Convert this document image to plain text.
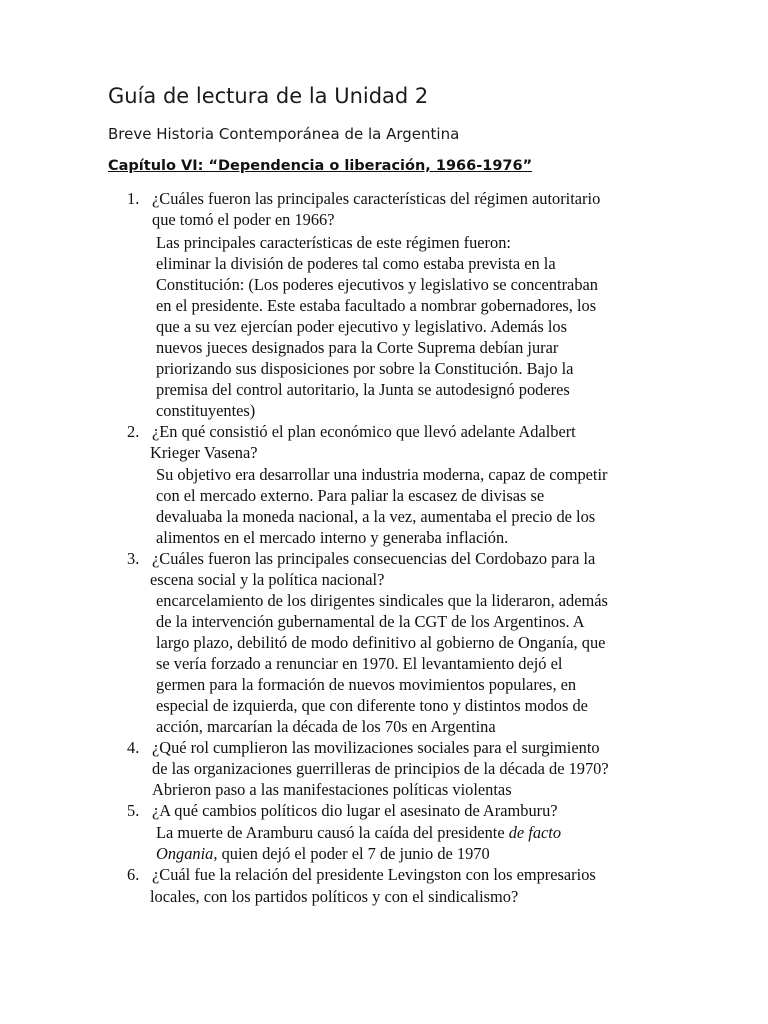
Guía de lectura de la Unidad 2
Breve Historia Contemporánea de la Argentina
Capítulo VI: “Dependencia o liberación, 1966-1976”
1. ¿Cuáles fueron las principales características del régimen autoritario
que tomó el poder en 1966?
Las principales características de este régimen fueron:
eliminar la división de poderes tal como estaba prevista en la
Constitución: (Los poderes ejecutivos y legislativo se concentraban
en el presidente. Este estaba facultado a nombrar gobernadores, los
que a su vez ejercían poder ejecutivo y legislativo. Además los
nuevos jueces designados para la Corte Suprema debían jurar
priorizando sus disposiciones por sobre la Constitución. Bajo la
premisa del control autoritario, la Junta se autodesignó poderes
constituyentes)
2. ¿En qué consistió el plan económico que llevó adelante Adalbert
Krieger Vasena?
Su objetivo era desarrollar una industria moderna, capaz de competir
con el mercado externo. Para paliar la escasez de divisas se
devaluaba la moneda nacional, a la vez, aumentaba el precio de los
alimentos en el mercado interno y generaba inflación.
3. ¿Cuáles fueron las principales consecuencias del Cordobazo para la
escena social y la política nacional?
encarcelamiento de los dirigentes sindicales que la lideraron, además
de la intervención gubernamental de la CGT de los Argentinos. A
largo plazo, debilitó de modo definitivo al gobierno de Onganía, que
se vería forzado a renunciar en 1970. El levantamiento dejó el
germen para la formación de nuevos movimientos populares, en
especial de izquierda, que con diferente tono y distintos modos de
acción, marcarían la década de los 70s en Argentina
4. ¿Qué rol cumplieron las movilizaciones sociales para el surgimiento
de las organizaciones guerrilleras de principios de la década de 1970?
Abrieron paso a las manifestaciones políticas violentas
5. ¿A qué cambios políticos dio lugar el asesinato de Aramburu?
La muerte de Aramburu causó la caída del presidente de facto
Ongania, quien dejó el poder el 7 de junio de 1970
6. ¿Cuál fue la relación del presidente Levingston con los empresarios
locales, con los partidos políticos y con el sindicalismo?
